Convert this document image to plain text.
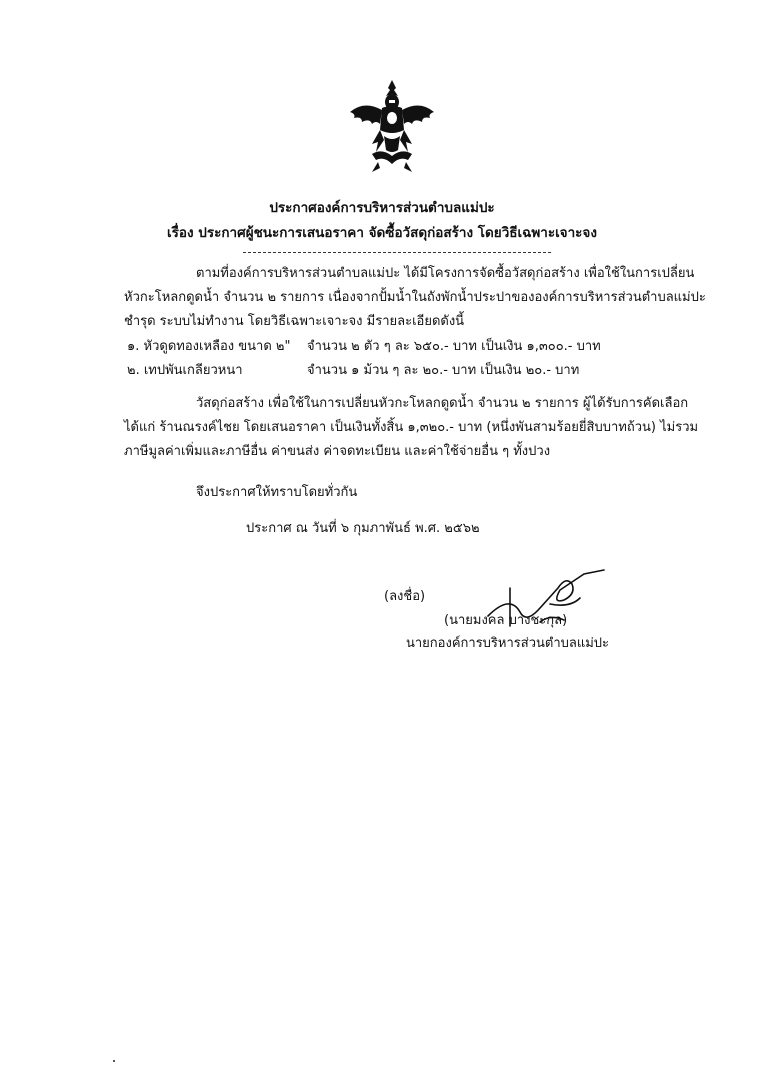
ประกาศองค์การบริหารส่วนตำบลแม่ปะ
เรื่อง ประกาศผู้ชนะการเสนอราคา จัดซื้อวัสดุก่อสร้าง โดยวิธีเฉพาะเจาะจง
ตามที่องค์การบริหารส่วนตำบลแม่ปะ ได้มีโครงการจัดซื้อวัสดุก่อสร้าง เพื่อใช้ในการเปลี่ยน
หัวกะโหลกดูดน้ำ จำนวน ๒ รายการ เนื่องจากปั้มน้ำในถังพักน้ำประปาขององค์การบริหารส่วนตำบลแม่ปะ
ชำรุด ระบบไม่ทำงาน โดยวิธีเฉพาะเจาะจง มีรายละเอียดดังนี้
๑. หัวดูดทองเหลือง ขนาด ๒" จำนวน ๒ ตัว ๆ ละ ๖๕๐.- บาท เป็นเงิน ๑,๓๐๐.- บาท
๒. เทปพันเกลียวหนา	จำนวน ๑ ม้วน ๆ ละ ๒๐.- บาท เป็นเงิน ๒๐.- บาท
วัสดุก่อสร้าง เพื่อใช้ในการเปลี่ยนหัวกะโหลกดูดน้ำ จำนวน ๒ รายการ ผู้ได้รับการคัดเลือก
ได้แก่ ร้านณรงค์ไชย โดยเสนอราคา เป็นเงินทั้งสิ้น ๑,๓๒๐.- บาท (หนึ่งพันสามร้อยยี่สิบบาทถ้วน) ไม่รวม
ภาษีมูลค่าเพิ่มและภาษีอื่น ค่าขนส่ง ค่าจดทะเบียน และค่าใช้จ่ายอื่น ๆ ทั้งปวง
จึงประกาศให้ทราบโดยทั่วกัน
ประกาศ ณ วันที่ ๖ กุมภาพันธ์ พ.ศ. ๒๕๖๒
(ลงชื่อ)
(นายมงคล บางชะกุล)
นายกองค์การบริหารส่วนตำบลแม่ปะ
